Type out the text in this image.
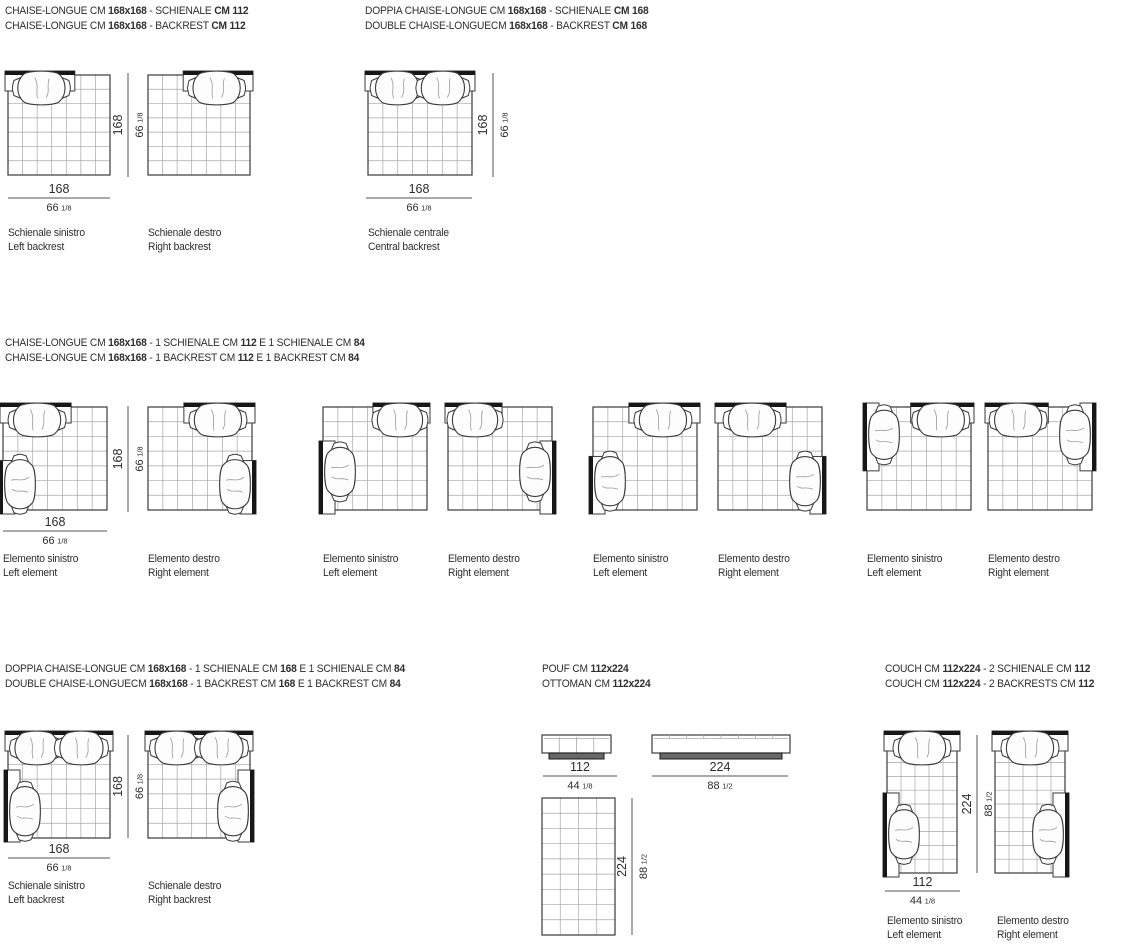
168
66 1/8
168
66 1/8
168
66 1/8
168
66 1/8
112
44 1/8
224
88 1/2
112
44 1/8
168 661/8	168 661/8
168 661/8
168 661/8
224 881/2
224 881/2
CHAISE-LONGUE CM 168x168 - SCHIENALE CM 112
CHAISE-LONGUE CM 168x168 - BACKREST CM 112
DOPPIA CHAISE-LONGUE CM 168x168 - SCHIENALE CM 168
DOUBLE CHAISE-LONGUECM 168x168 - BACKREST CM 168
CHAISE-LONGUE CM 168x168 - 1 SCHIENALE CM 112 E 1 SCHIENALE CM 84
CHAISE-LONGUE CM 168x168 - 1 BACKREST CM 112 E 1 BACKREST CM 84
DOPPIA CHAISE-LONGUE CM 168x168 - 1 SCHIENALE CM 168 E 1 SCHIENALE CM 84
DOUBLE CHAISE-LONGUECM 168x168 - 1 BACKREST CM 168 E 1 BACKREST CM 84
POUF CM 112x224
OTTOMAN CM 112x224
COUCH CM 112x224 - 2 SCHIENALE CM 112
COUCH CM 112x224 - 2 BACKRESTS CM 112
Schienale sinistro
Left backrest
Schienale destro
Right backrest
Schienale centrale
Central backrest
Elemento sinistro
Left element
Elemento destro
Right element
Elemento sinistro
Left element
Elemento destro
Right element
Elemento sinistro
Left element
Elemento destro
Right element
Elemento sinistro
Left element
Elemento destro
Right element
Schienale sinistro
Left backrest
Schienale destro
Right backrest
Elemento sinistro
Left element
Elemento destro
Right element
